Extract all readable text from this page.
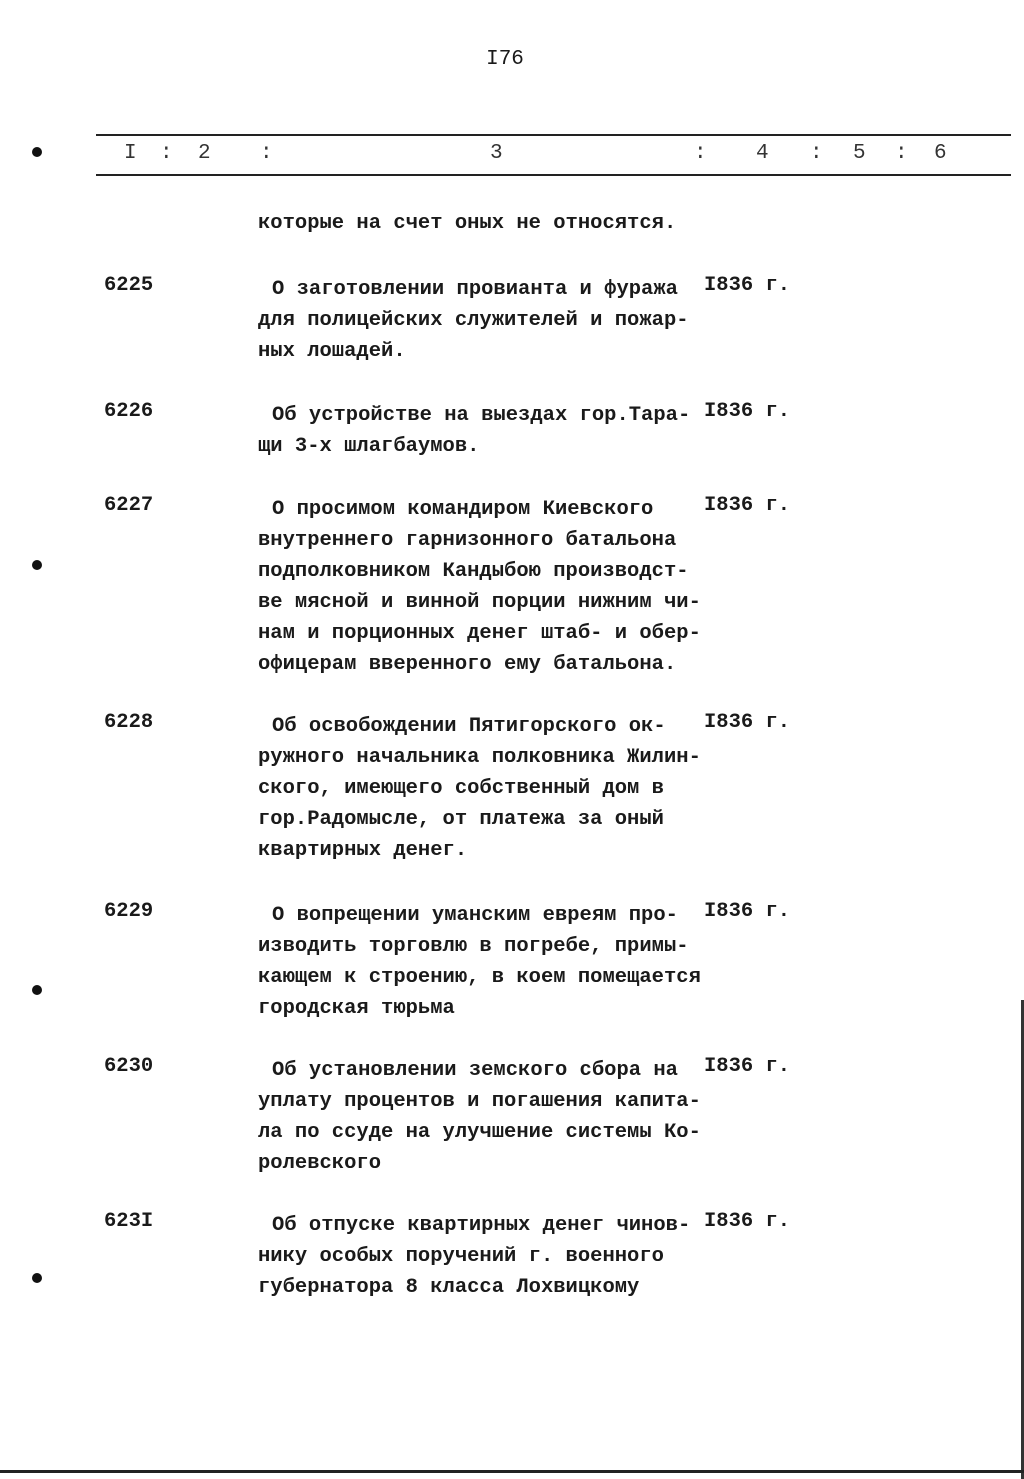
I76
I : 2 :	3	: 4 : 5 : 6
которые на счет оных не относятся.
6225	О заготовлении провианта и фуража
для полицейских служителей и пожар-
ных лошадей.
I836 г.
6226	Об устройстве на выездах гор.Тара-
щи 3-х шлагбаумов.
I836 г.
6227	О просимом командиром Киевского
внутреннего гарнизонного батальона
подполковником Кандыбою производст-
ве мясной и винной порции нижним чи-
нам и порционных денег штаб- и обер-
офицерам вверенного ему батальона.
I836 г.
6228	Об освобождении Пятигорского ок-
ружного начальника полковника Жилин-
ского, имеющего собственный дом в
гор.Радомысле, от платежа за оный
квартирных денег.
I836 г.
6229	О вопрещении уманским евреям про-
изводить торговлю в погребе, примы-
кающем к строению, в коем помещается
городская тюрьма
I836 г.
6230	Об установлении земского сбора на
уплату процентов и погашения капита-
ла по ссуде на улучшение системы Ко-
ролевского
I836 г.
623I	Об отпуске квартирных денег чинов-
нику особых поручений г. военного
губернатора 8 класса Лохвицкому
I836 г.
